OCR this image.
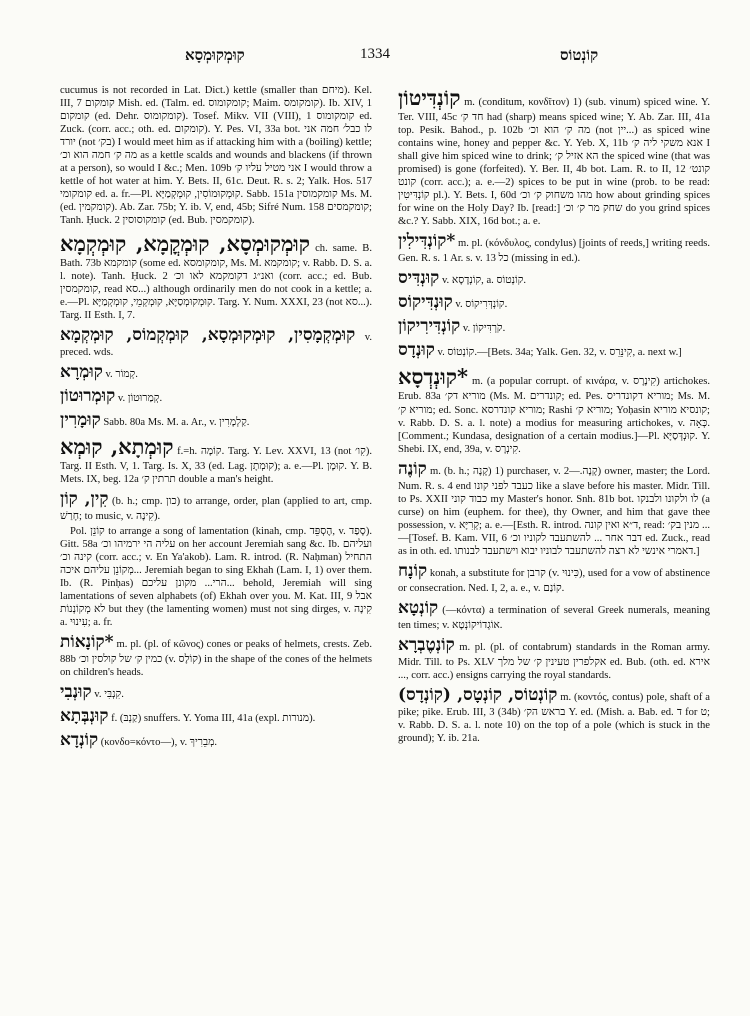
קוּמְקוּמְסָא	1334	קוֹנְטוֹס
cucumus is not recorded in Lat. Dict.) kettle (smaller than מיחם). Kel. III, 7 קומקום Mish. ed. (Talm. ed. קומקומוס; Maim. קומקומס). Ib. XIV, 1 קומקום (ed. Dehr. קומקומוס). Tosef. Mikv. VII (VIII), 1 קומקומוס ed. Zuck. (corr. acc.; oth. ed. קומקום). Y. Pes. VI, 33a bot. לו כבל׳ חמה אני יורד (not בק׳) I would meet him as if attacking him with a (boiling) kettle; מה ק׳ חמה הוא וכ׳ as a kettle scalds and wounds and blackens (if thrown at a person), so would I &c.; Men. 109b אני מטיל עליו ק׳ I would throw a kettle of hot water at him. Y. Bets. II, 61c. Deut. R. s. 2; Yalk. Hos. 517 קומקומי ed. a. fr.—Pl. קוּמְקוּמוֹסִין, קוּמְקְמַיָּא. Sabb. 151a קומקמוסין Ms. M. (ed. קומקמין). Ab. Zar. 75b; Y. ib. V, end, 45b; Sifré Num. 158 קומקמסים; Tanh. Ḥuck. 2 קומקוסוסין (ed. Bub. קומקמסין).
קוּמְקוּמְסָא, קוּמְקֳמָא, קוּמְקְמָא ch. same. B. Bath. 73b קומקמא (some ed. קומקומסא, Ms. M. קומקמא; v. Rabb. D. S. a. l. note). Tanh. Ḥuck. 2 ואנ״ג דקומקמא לאו וכ׳ (corr. acc.; ed. Bub. קומקמסין, read סא...) although ordinarily men do not cook in a kettle; a. e.—Pl. קוּמְקוּמְסַיָּא, קוּמְקְמֵי, קוּמְקְמַיָּא. Targ. Y. Num. XXXI, 23 (not סא...). Targ. II Esth. I, 7.
קוּמְקְמָסִין, קוּמְקוּמְסָא, קוּמְקְמוֹס, קוּמְקְמָא v. preced. wds.
קוּמְרָא v. קְמוֹר.
קוּמְרוּטוֹן v. קְמַרוּטוֹן.
קוּמָרִין Sabb. 80a Ms. M. a. Ar., v. קַלְמָרִין.
קוּמְתָא, קוּמְא f.=h. קוֹמָה. Targ. Y. Lev. XXVI, 13 (not קִו׳). Targ. II Esth. V, 1. Targ. Is. X, 33 (ed. Lag. קוּמְתָן); a. e.—Pl. קוּמָן. Y. B. Mets. IX, beg. 12a תרתין ק׳ double a man's height.
קִין, קוֹן (b. h.; cmp. כון) to arrange, order, plan (applied to art, cmp. חָרַשׁ; to music, v. קִינָה).
Pol. קוֹנֵן to arrange a song of lamentation (kinah, cmp. הֶסְפֵּד, v. סָפַד). Gitt. 58a עליה הי ירמיהו וכ׳ on her account Jeremiah sang &c. Ib. ועליהם קינה וכ׳ (corr. acc.; v. En Ya'akob). Lam. R. introd. (R. Naḥman) התחיל מְקוֹנֵן עליהם איכה... Jeremiah began to sing Ekhah (Lam. I, 1) over them. Ib. (R. Pinḥas) הרי... מקונן עליכם... behold, Jeremiah will sing lamentations of seven alphabets (of) Ekhah over you. M. Kat. III, 9 אבל לא מְקוֹנְנוֹת but they (the lamenting women) must not sing dirges, v. קִינָה a. עִינוּי; a. fr.
*קוֹנָאוֹת m. pl. (pl. of κῶνος) cones or peaks of helmets, crests. Zeb. 88b כמין ק׳ של קולסין וכ׳ (v. קוֹלָס) in the shape of the cones of the helmets on children's heads.
קוּנְבִי v. קִנְבִּי.
קוּנְבְּתָא f. (קַנְבּ) snuffers. Y. Yoma III, 41a (expl. מנורות).
קוֹנְדָא (κονδο=κόντο—), v. מְבֵרִיךְ.
קוֹנְדִּיטוֹן m. (conditum, κονδῖτον) 1) (sub. vinum) spiced wine. Y. Ter. VIII, 45c חד ק׳ had (sharp) means spiced wine; Y. Ab. Zar. III, 41a top. Pesik. Bahod., p. 102b מה ק׳ הוא וכ׳ (not יין...) as spiced wine contains wine, honey and pepper &c. Y. Yeb. X, 11b אנא משקי ליה ק׳ I shall give him spiced wine to drink; הא אזיל ק׳ the spiced wine (that was promised) is gone (forfeited). Y. Ber. II, 4b bot. Lam. R. to II, 12 קונט׳ קונט (corr. acc.); a. e.—2) spices to be put in wine (prob. to be read: קוֹנְדִּיטִין pl.). Y. Bets. I, 60d מהו משחוק ק׳ וכ׳ how about grinding spices for wine on the Holy Day? Ib. [read:] שחק מר ק׳ וכ׳ do you grind spices &c.? Y. Sabb. XIX, 16d bot.; a. e.
*קוֹנְדִּילִין m. pl. (κόνδυλος, condylus) [joints of reeds,] writing reeds. Gen. R. s. 1 Ar. s. v. כל 13 (missing in ed.).
קוּנְדִּיס v. קוֹנְדָסָא, a. קוֹנְטוֹס.
קוּנְדִּיקוֹס v. קוֹנְדְּרִיקוֹס.
קוֹנְדִּירִיקוֹן v. קֹרְדִּיקוֹן.
קוּנְדָס v. קוֹנְטוֹס.—[Bets. 34a; Yalk. Gen. 32, v. קִינֵּרֵס, a. next w.]
*קוּנְדְסָא m. (a popular corrupt. of κινάρα, v. קִינָרָס) artichokes. Erub. 83a מוריא דק׳ (Ms. M. קונדרים; ed. Pes. מוריא דקונדריס; Ms. M. מוריא ק׳; ed. Sonc. מוריא קונדרסא; Rashi מוריא ק׳; Yoḥasin קונסיא מוריא; v. Rabb. D. S. a. l. note) a modius for measuring artichokes, v. כְּאָה. [Comment.; Kundasa, designation of a certain modius.]—Pl. קוּנְדְּסַיָּא. Y. Shebi. IX, end, 39a, v. קִינְרָס.
קוֹנֶה m. (b. h.; קָנָה) 1) purchaser, v. קָנָה.—2) owner, master; the Lord. Num. R. s. 4 end כעבד לפני קונו like a slave before his master. Midr. Till. to Ps. XXII כבוד קוני my Master's honor. Snh. 81b bot. לו ולקונו ולבנקו (a curse) on him (euphem. for thee), thy Owner, and him that gave thee possession, v. קְרִיָּא; a. e.—[Esth. R. introd. ד״א ואין קונה, read: מנין בק׳ ...—[Tosef. B. Kam. VII, 6 דבר אחר ... להשתעבד לקוניו וכ׳ ed. Zuck., read as in oth. ed. דאמרי אינשי לא רצה להשתעבד לבוניו יבוא וישתעבד לבנותו.]
קוֹנָח konah, a substitute for קרבן (v. כִּינוּי), used for a vow of abstinence or consecration. Ned. I, 2, a. e., v. קוֹנַם.
קוֹנְטָא (—κόντα) a termination of several Greek numerals, meaning ten times; v. אוֹגְדוֹיקוֹנְטָא.
קוֹנְטֶבְרָא m. pl. (pl. of contabrum) standards in the Roman army. Midr. Till. to Ps. XLV אקלפרין טעינין ק׳ של מלך ed. Bub. (oth. ed. אירא ..., corr. acc.) ensigns carrying the royal standards.
קוֹנְטוֹס, קוֹנְטָס, (קוֹנְדָס) m. (κοντός, contus) pole, shaft of a pike; pike. Erub. III, 3 (34b) בראש הק׳ Y. ed. (Mish. a. Bab. ed. ד for ט; v. Rabb. D. S. a. l. note 10) on the top of a pole (which is stuck in the ground); Y. ib. 21a.
